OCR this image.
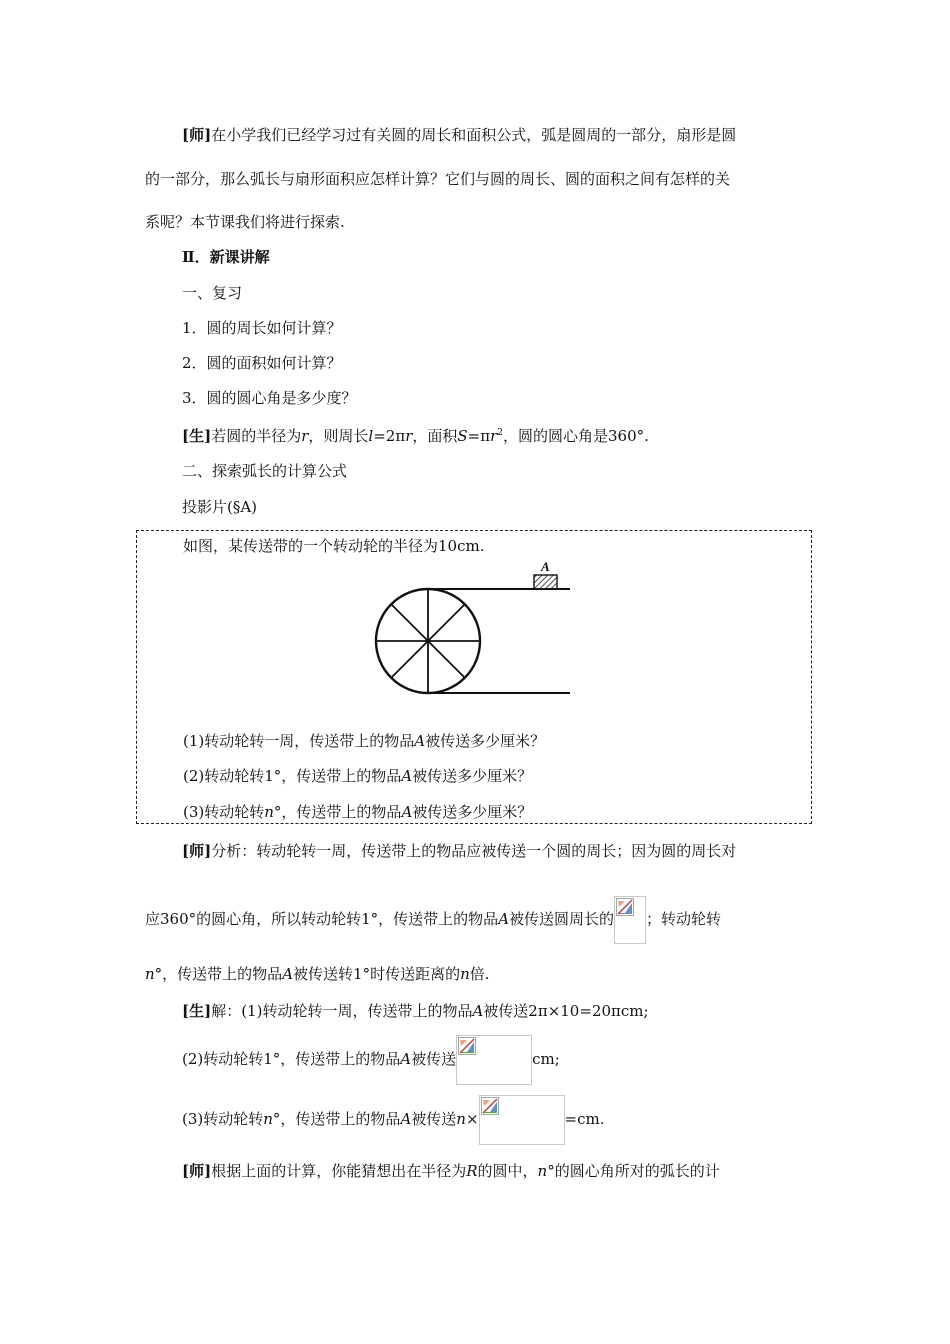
[师]在小学我们已经学习过有关圆的周长和面积公式，弧是圆周的一部分，扇形是圆
的一部分，那么弧长与扇形面积应怎样计算？它们与圆的周长、圆的面积之间有怎样的关
系呢？本节课我们将进行探索.
Ⅱ．新课讲解
一、复习
1．圆的周长如何计算？
2．圆的面积如何计算？
3．圆的圆心角是多少度？
[生]若圆的半径为r，则周长l=2πr，面积$S=\pi r^2$，圆的圆心角是360°.
二、探索弧长的计算公式
投影片(§A)
如图，某传送带的一个转动轮的半径为10cm.
A
(1)转动轮转一周，传送带上的物品A被传送多少厘米？
(2)转动轮转1°，传送带上的物品A被传送多少厘米？
(3)转动轮转n°，传送带上的物品A被传送多少厘米？
[师]分析：转动轮转一周，传送带上的物品应被传送一个圆的周长；因为圆的周长对
应360°的圆心角，所以转动轮转1°，传送带上的物品A被传送圆周长的 ；转动轮转
n°，传送带上的物品A被传送转1°时传送距离的n倍.
[生]解：(1)转动轮转一周，传送带上的物品A被传送2π×10=20πcm;
(2)转动轮转1°，传送带上的物品A被传送	cm;
(3)转动轮转n°，传送带上的物品A被传送n×	=cm.
[师]根据上面的计算，你能猜想出在半径为R的圆中，n°的圆心角所对的弧长的计
